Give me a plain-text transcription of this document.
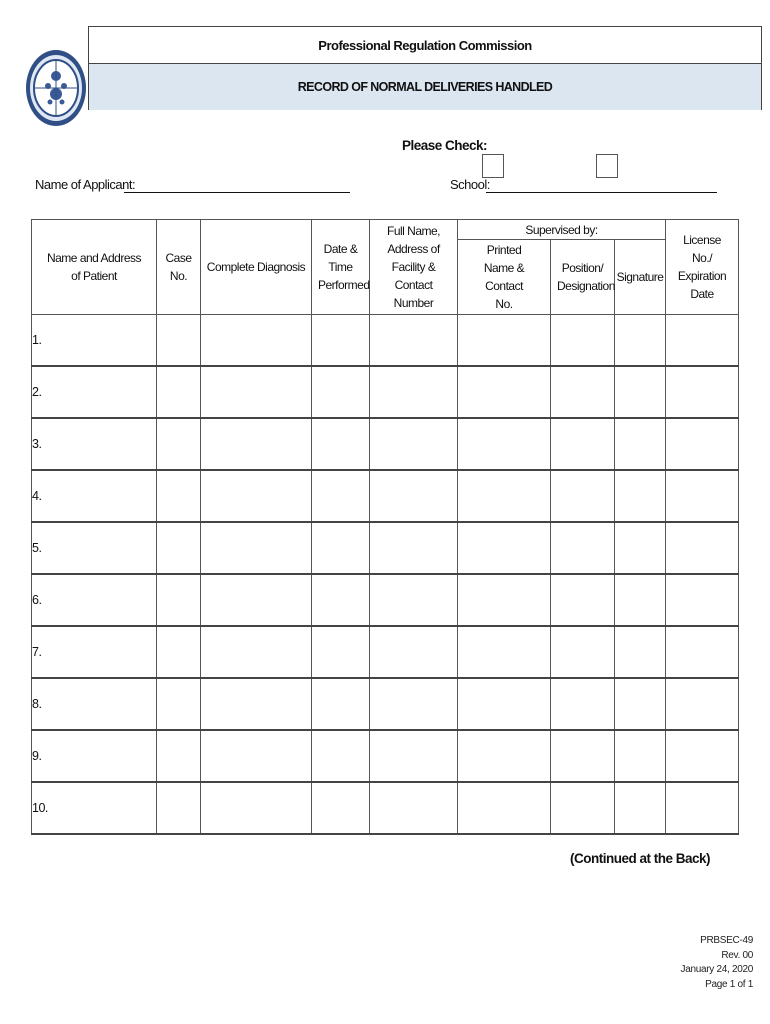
Professional Regulation Commission
RECORD OF NORMAL DELIVERIES HANDLED
Please Check:
Name of Applicant:	School:
Name and Address of Patient	Case No.	Complete Diagnosis	Date & Time Performed	Full Name, Address of Facility & Contact Number	Supervised by:			License No./ Expiration Date
					Printed Name & Contact No.	Position/ Designation	Signature	
1.								
2.								
3.								
4.								
5.								
6.								
7.								
8.								
9.								
10.								
(Continued at the Back)
PRBSEC-49
Rev. 00
January 24, 2020
Page 1 of 1
